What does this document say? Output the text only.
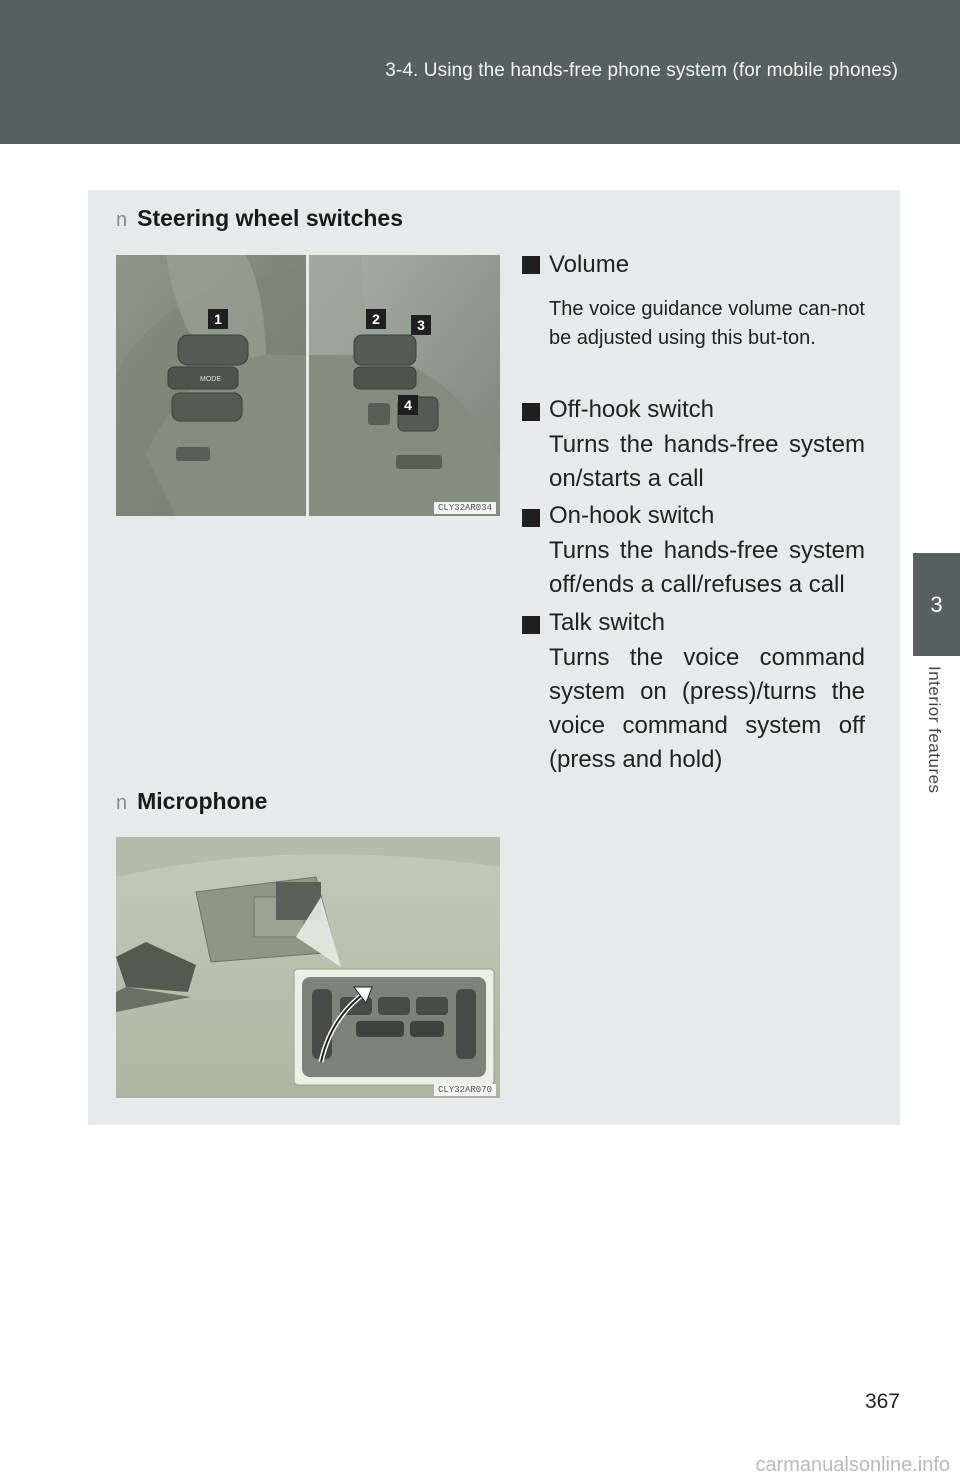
3-4. Using the hands-free phone system (for mobile phones)
3
Interior features
n Steering wheel switches
MODE
1	2	3
4
CLY32AR034
Volume
The voice guidance volume can-not be adjusted using this but-ton.
Off-hook switch
Turns the hands-free system on/starts a call
On-hook switch
Turns the hands-free system off/ends a call/refuses a call
Talk switch
Turns the voice command system on (press)/turns the voice command system off (press and hold)
n Microphone
CLY32AR070
367
carmanualsonline.info
